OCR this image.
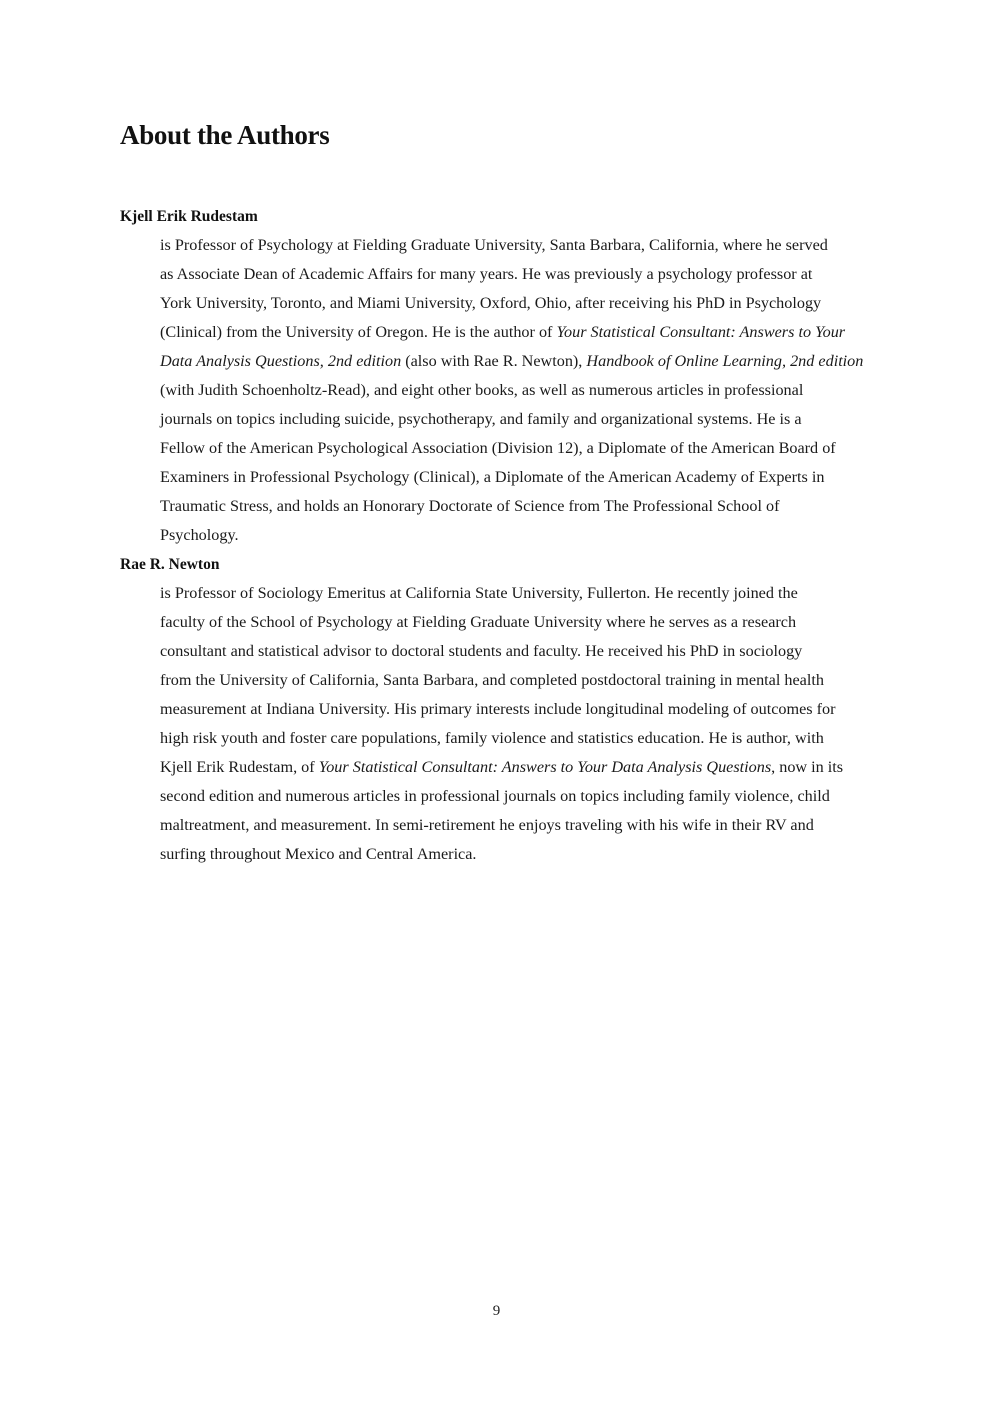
About the Authors
Kjell Erik Rudestam
is Professor of Psychology at Fielding Graduate University, Santa Barbara, California, where he served
as Associate Dean of Academic Affairs for many years. He was previously a psychology professor at
York University, Toronto, and Miami University, Oxford, Ohio, after receiving his PhD in Psychology
(Clinical) from the University of Oregon. He is the author of Your Statistical Consultant: Answers to Your
Data Analysis Questions, 2nd edition (also with Rae R. Newton), Handbook of Online Learning, 2nd edition
(with Judith Schoenholtz-Read), and eight other books, as well as numerous articles in professional
journals on topics including suicide, psychotherapy, and family and organizational systems. He is a
Fellow of the American Psychological Association (Division 12), a Diplomate of the American Board of
Examiners in Professional Psychology (Clinical), a Diplomate of the American Academy of Experts in
Traumatic Stress, and holds an Honorary Doctorate of Science from The Professional School of
Psychology.
Rae R. Newton
is Professor of Sociology Emeritus at California State University, Fullerton. He recently joined the
faculty of the School of Psychology at Fielding Graduate University where he serves as a research
consultant and statistical advisor to doctoral students and faculty. He received his PhD in sociology
from the University of California, Santa Barbara, and completed postdoctoral training in mental health
measurement at Indiana University. His primary interests include longitudinal modeling of outcomes for
high risk youth and foster care populations, family violence and statistics education. He is author, with
Kjell Erik Rudestam, of Your Statistical Consultant: Answers to Your Data Analysis Questions, now in its
second edition and numerous articles in professional journals on topics including family violence, child
maltreatment, and measurement. In semi-retirement he enjoys traveling with his wife in their RV and
surfing throughout Mexico and Central America.
9
